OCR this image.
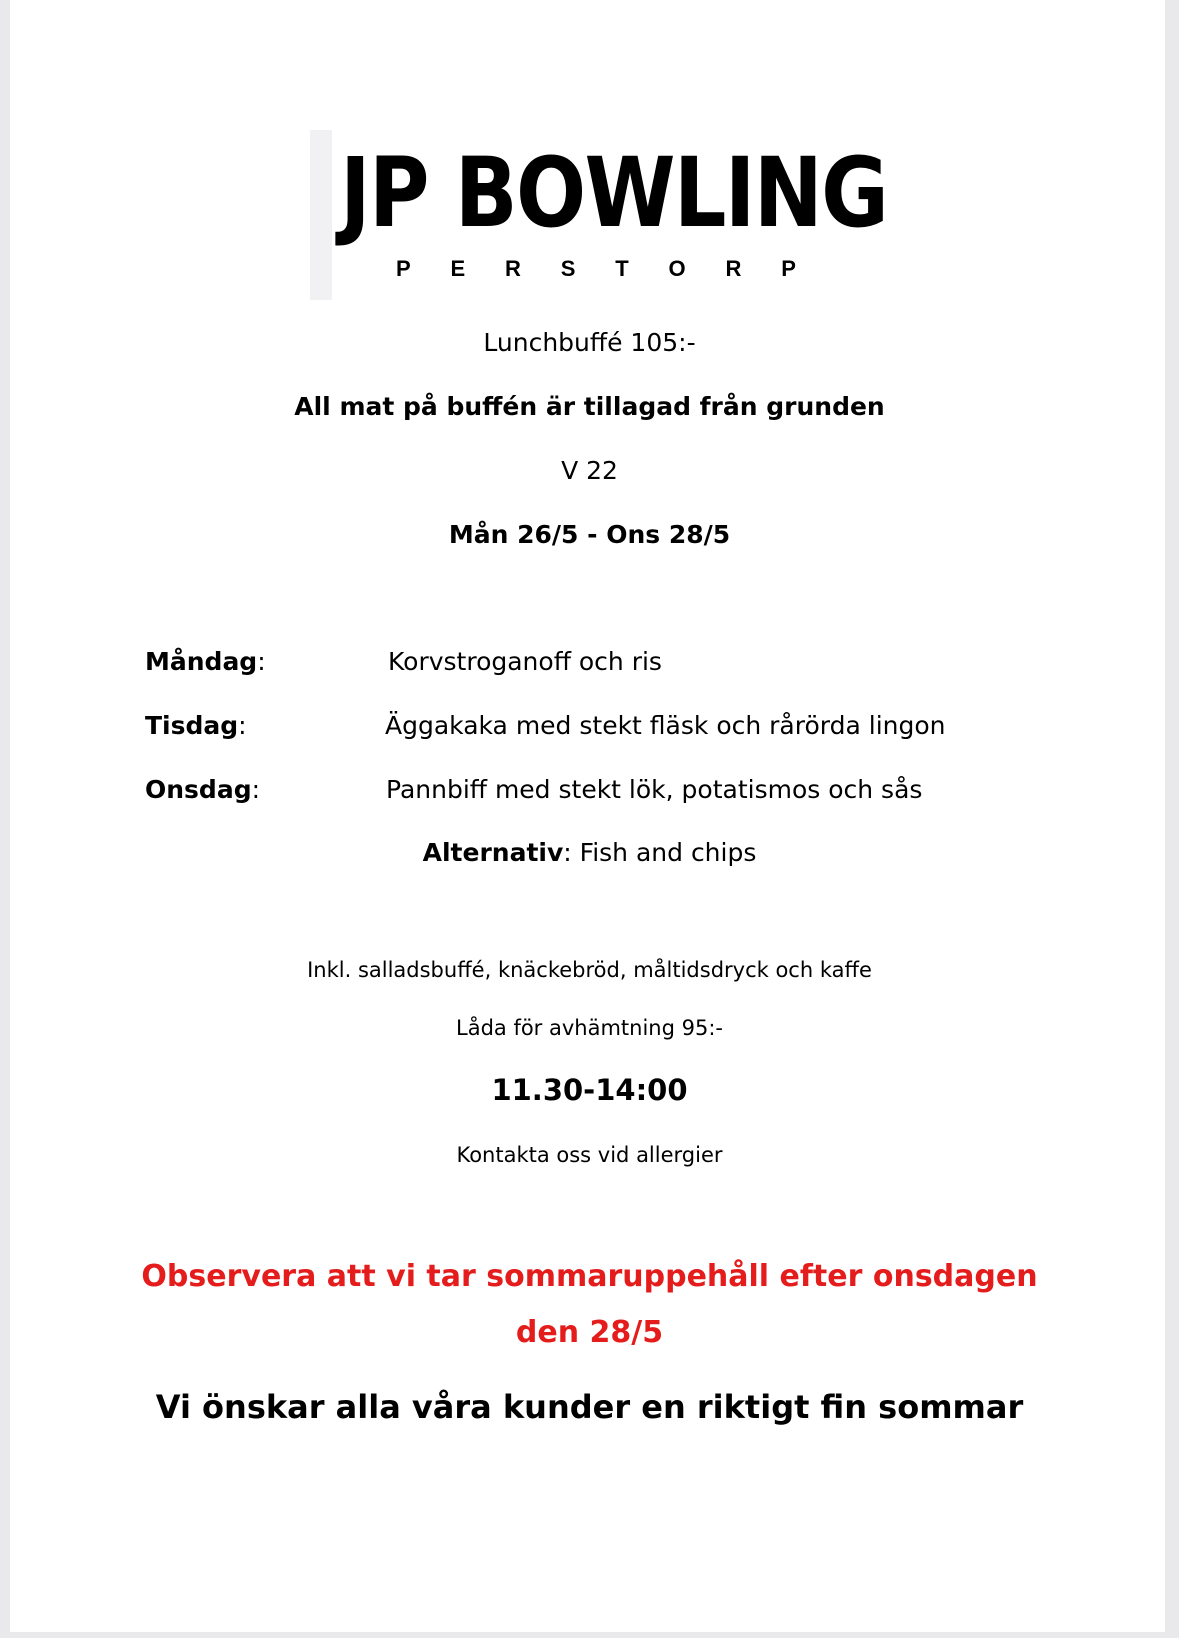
JP BOWLING
P E R S T O R P
Lunchbuffé 105:-
All mat på buffén är tillagad från grunden
V 22
Mån 26/5 - Ons 28/5
Måndag:	Korvstroganoff och ris
Tisdag:	Äggakaka med stekt fläsk och rårörda lingon
Onsdag:	Pannbiff med stekt lök, potatismos och sås
Alternativ: Fish and chips
Inkl. salladsbuffé, knäckebröd, måltidsdryck och kaffe
Låda för avhämtning 95:-
11.30-14:00
Kontakta oss vid allergier
Observera att vi tar sommaruppehåll efter onsdagen
den 28/5
Vi önskar alla våra kunder en riktigt fin sommar
